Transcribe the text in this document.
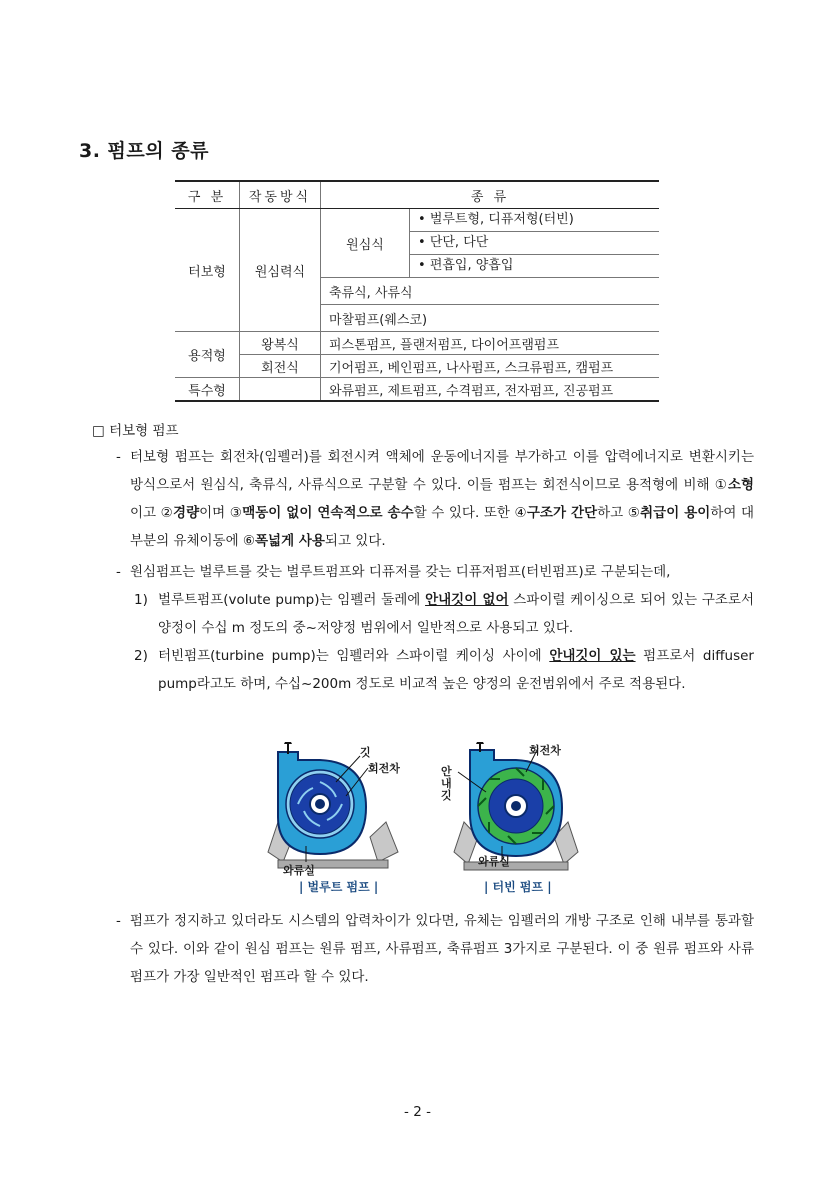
3. 펌프의 종류
구 분	작동방식	종 류	
터보형	원심력식	원심식	• 벌루트형, 디퓨저형(터빈)
			• 단단, 다단
			• 편흡입, 양흡입
		축류식, 사류식	
		마찰펌프(웨스코)	
용적형	왕복식	피스톤펌프, 플랜저펌프, 다이어프램펌프	
	회전식	기어펌프, 베인펌프, 나사펌프, 스크류펌프, 캠펌프	
특수형		와류펌프, 제트펌프, 수격펌프, 전자펌프, 진공펌프	
□ 터보형 펌프
- 터보형 펌프는 회전차(임펠러)를 회전시켜 액체에 운동에너지를 부가하고 이를 압력에너지로 변환시키는 방식으로서 원심식, 축류식, 사류식으로 구분할 수 있다. 이들 펌프는 회전식이므로 용적형에 비해 ①소형이고 ②경량이며 ③맥동이 없이 연속적으로 송수할 수 있다. 또한 ④구조가 간단하고 ⑤취급이 용이하여 대부분의 유체이동에 ⑥폭넓게 사용되고 있다.
- 원심펌프는 벌루트를 갖는 벌루트펌프와 디퓨저를 갖는 디퓨저펌프(터빈펌프)로 구분되는데,
1) 벌루트펌프(volute pump)는 임펠러 둘레에 안내깃이 없어 스파이럴 케이싱으로 되어 있는 구조로서 양정이 수십 m 정도의 중~저양정 범위에서 일반적으로 사용되고 있다.
2) 터빈펌프(turbine pump)는 임펠러와 스파이럴 케이싱 사이에 안내깃이 있는 펌프로서 diffuser pump라고도 하며, 수십~200m 정도로 비교적 높은 양정의 운전범위에서 주로 적용된다.
깃
회전차
와류실
| 벌루트 펌프 |
회전차
안내깃
와류실
| 터빈 펌프 |
- 펌프가 정지하고 있더라도 시스템의 압력차이가 있다면, 유체는 임펠러의 개방 구조로 인해 내부를 통과할 수 있다. 이와 같이 원심 펌프는 원류 펌프, 사류펌프, 축류펌프 3가지로 구분된다. 이 중 원류 펌프와 사류 펌프가 가장 일반적인 펌프라 할 수 있다.
- 2 -
